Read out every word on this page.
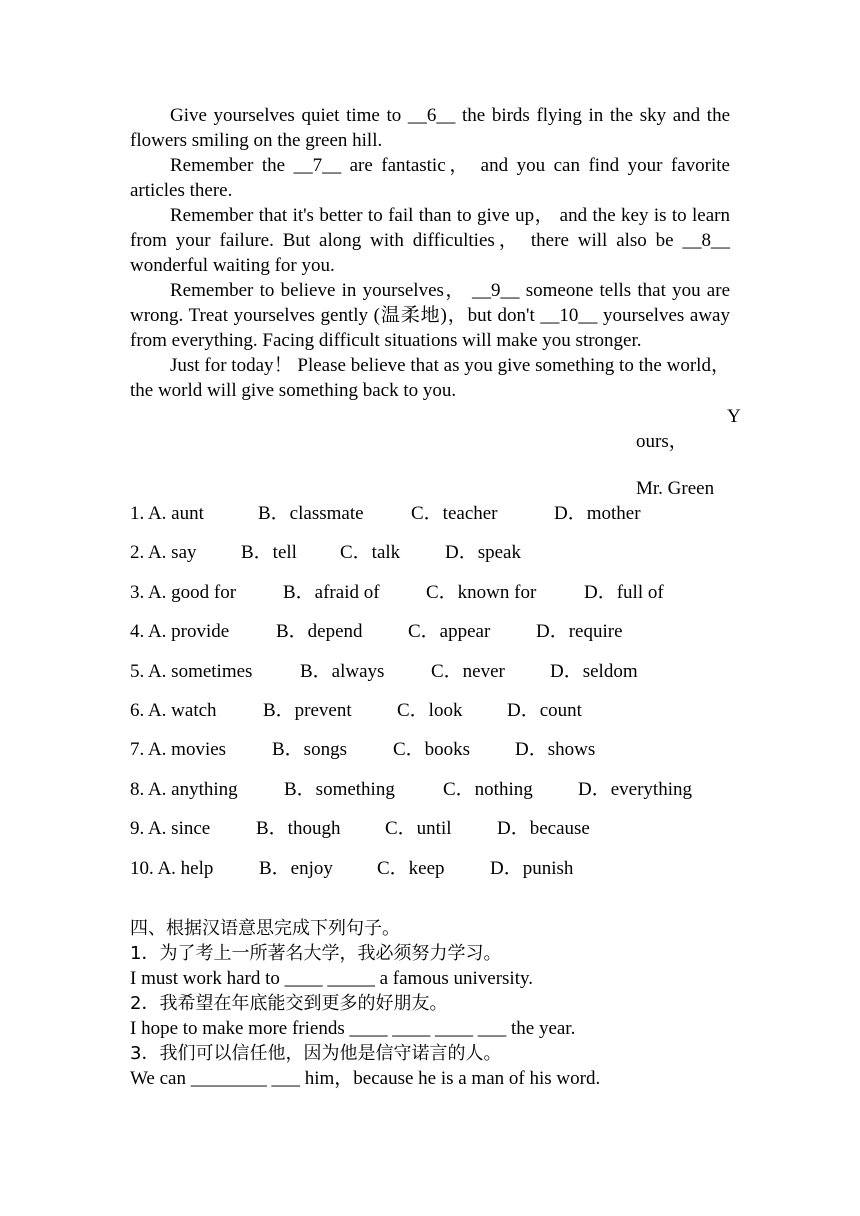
Give yourselves quiet time to __6__ the birds flying in the sky and the flowers smiling on the green hill.

Remember the __7__ are fantastic， and you can find your favorite articles there.

Remember that it's better to fail than to give up， and the key is to learn from your failure. But along with difficulties， there will also be __8__ wonderful waiting for you.

Remember to believe in yourselves， __9__ someone tells that you are wrong. Treat yourselves gently (温柔地)，but don't __10__ yourselves away from everything. Facing difficult situations will make you stronger.

Just for today！ Please believe that as you give something to the world， the world will give something back to you.

Y
ours，
Mr. Green
1. A. aunt	B．classmate C．teacher	D．mother
2. A. say B．tell C．talk D．speak
3. A. good for B．afraid of C．known for	D．full of
4. A. provide B．depend C．appear D．require
5. A. sometimes	B．always C．never D．seldom
6. A. watch B．prevent C．look D．count
7. A. movies B．songs C．books D．shows
8. A. anything B．something	C．nothing D．everything
9. A. since B．though C．until D．because
10. A. help B．enjoy C．keep D．punish
四、根据汉语意思完成下列句子。
1．为了考上一所著名大学，我必须努力学习。
I must work hard to ____ _____ a famous university.
2．我希望在年底能交到更多的好朋友。
I hope to make more friends ____ ____ ____ ___ the year.
3．我们可以信任他，因为他是信守诺言的人。
We can ________ ___ him，because he is a man of his word.
